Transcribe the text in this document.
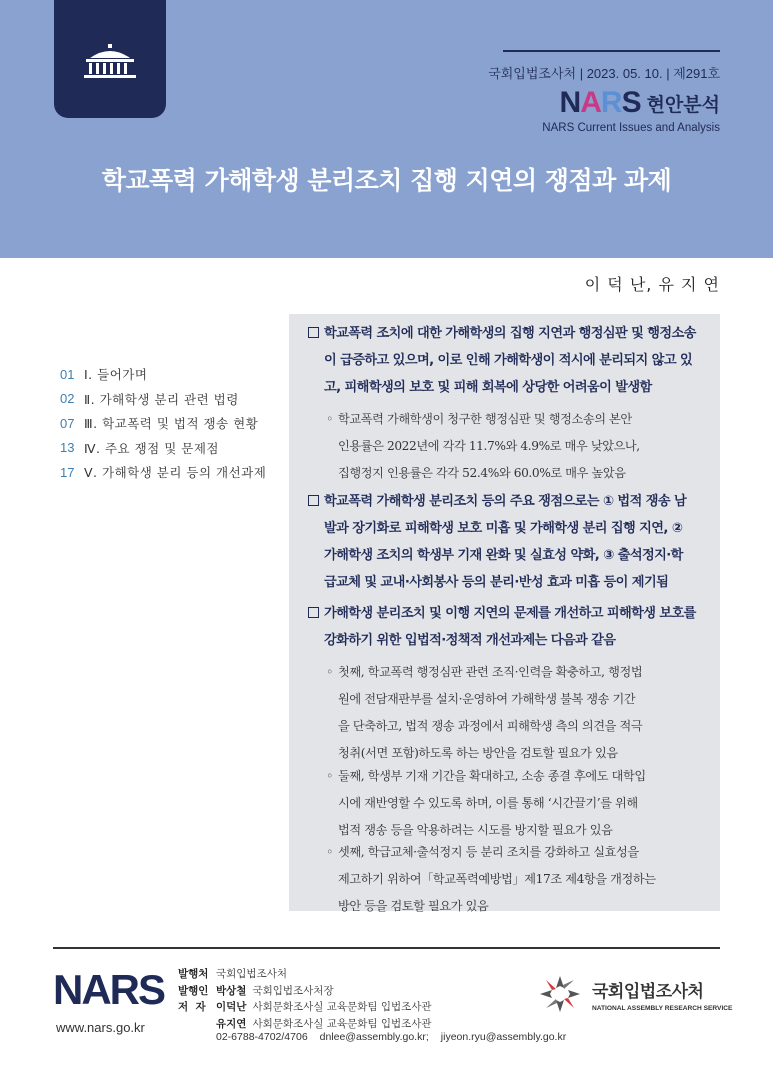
국회입법조사처 | 2023. 05. 10. | 제291호
NARS 현안분석
NARS Current Issues and Analysis
학교폭력 가해학생 분리조치 집행 지연의 쟁점과 과제
이 덕 난, 유 지 연
01 Ⅰ. 들어가며
02 Ⅱ. 가해학생 분리 관련 법령
07 Ⅲ. 학교폭력 및 법적 쟁송 현황
13 Ⅳ. 주요 쟁점 및 문제점
17 Ⅴ. 가해학생 분리 등의 개선과제
학교폭력 조치에 대한 가해학생의 집행 지연과 행정심판 및 행정소송
이 급증하고 있으며, 이로 인해 가해학생이 적시에 분리되지 않고 있
고, 피해학생의 보호 및 피해 회복에 상당한 어려움이 발생함
◦ 학교폭력 가해학생이 청구한 행정심판 및 행정소송의 본안
인용률은 2022년에 각각 11.7%와 4.9%로 매우 낮았으나,
집행정지 인용률은 각각 52.4%와 60.0%로 매우 높았음
학교폭력 가해학생 분리조치 등의 주요 쟁점으로는 ① 법적 쟁송 남
발과 장기화로 피해학생 보호 미흡 및 가해학생 분리 집행 지연, ②
가해학생 조치의 학생부 기재 완화 및 실효성 약화, ③ 출석정지·학
급교체 및 교내·사회봉사 등의 분리·반성 효과 미흡 등이 제기됨
가해학생 분리조치 및 이행 지연의 문제를 개선하고 피해학생 보호를
강화하기 위한 입법적·정책적 개선과제는 다음과 같음
◦ 첫째, 학교폭력 행정심판 관련 조직·인력을 확충하고, 행정법
원에 전담재판부를 설치·운영하여 가해학생 불복 쟁송 기간
을 단축하고, 법적 쟁송 과정에서 피해학생 측의 의견을 적극
청취(서면 포함)하도록 하는 방안을 검토할 필요가 있음
◦ 둘째, 학생부 기재 기간을 확대하고, 소송 종결 후에도 대학입
시에 재반영할 수 있도록 하며, 이를 통해 ‘시간끌기’를 위해
법적 쟁송 등을 악용하려는 시도를 방지할 필요가 있음
◦ 셋째, 학급교체·출석정지 등 분리 조치를 강화하고 실효성을
제고하기 위하여「학교폭력예방법」제17조 제4항을 개정하는
방안 등을 검토할 필요가 있음
NARS
www.nars.go.kr
발행처 국회입법조사처
발행인 박상철 국회입법조사처장
저  자 이덕난 사회문화조사실 교육문화팀 입법조사관
유지연 사회문화조사실 교육문화팀 입법조사관
02-6788-4702/4706 dnlee@assembly.go.kr; jiyeon.ryu@assembly.go.kr
국회입법조사처
NATIONAL ASSEMBLY RESEARCH SERVICE
